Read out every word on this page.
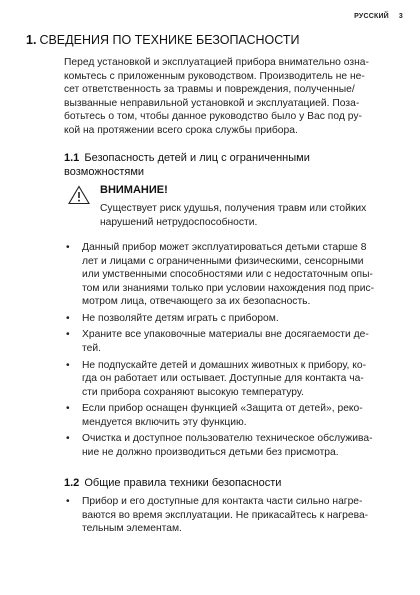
РУССКИЙ 3
1. СВЕДЕНИЯ ПО ТЕХНИКЕ БЕЗОПАСНОСТИ
Перед установкой и эксплуатацией прибора внимательно озна-
комьтесь с приложенным руководством. Производитель не не-
сет ответственность за травмы и повреждения, полученные/
вызванные неправильной установкой и эксплуатацией. Поза-
ботьтесь о том, чтобы данное руководство было у Вас под ру-
кой на протяжении всего срока службы прибора.
1.1 Безопасность детей и лиц с ограниченными
возможностями
ВНИМАНИЕ!
Существует риск удушья, получения травм или стойких
нарушений нетрудоспособности.
• Данный прибор может эксплуатироваться детьми старше 8
лет и лицами с ограниченными физическими, сенсорными
или умственными способностями или с недостаточным опы-
том или знаниями только при условии нахождения под прис-
мотром лица, отвечающего за их безопасность.
• Не позволяйте детям играть с прибором.
• Храните все упаковочные материалы вне досягаемости де-
тей.
• Не подпускайте детей и домашних животных к прибору, ко-
гда он работает или остывает. Доступные для контакта ча-
сти прибора сохраняют высокую температуру.
• Если прибор оснащен функцией «Защита от детей», реко-
мендуется включить эту функцию.
• Очистка и доступное пользователю техническое обслужива-
ние не должно производиться детьми без присмотра.
1.2 Общие правила техники безопасности
• Прибор и его доступные для контакта части сильно нагре-
ваются во время эксплуатации. Не прикасайтесь к нагрева-
тельным элементам.
